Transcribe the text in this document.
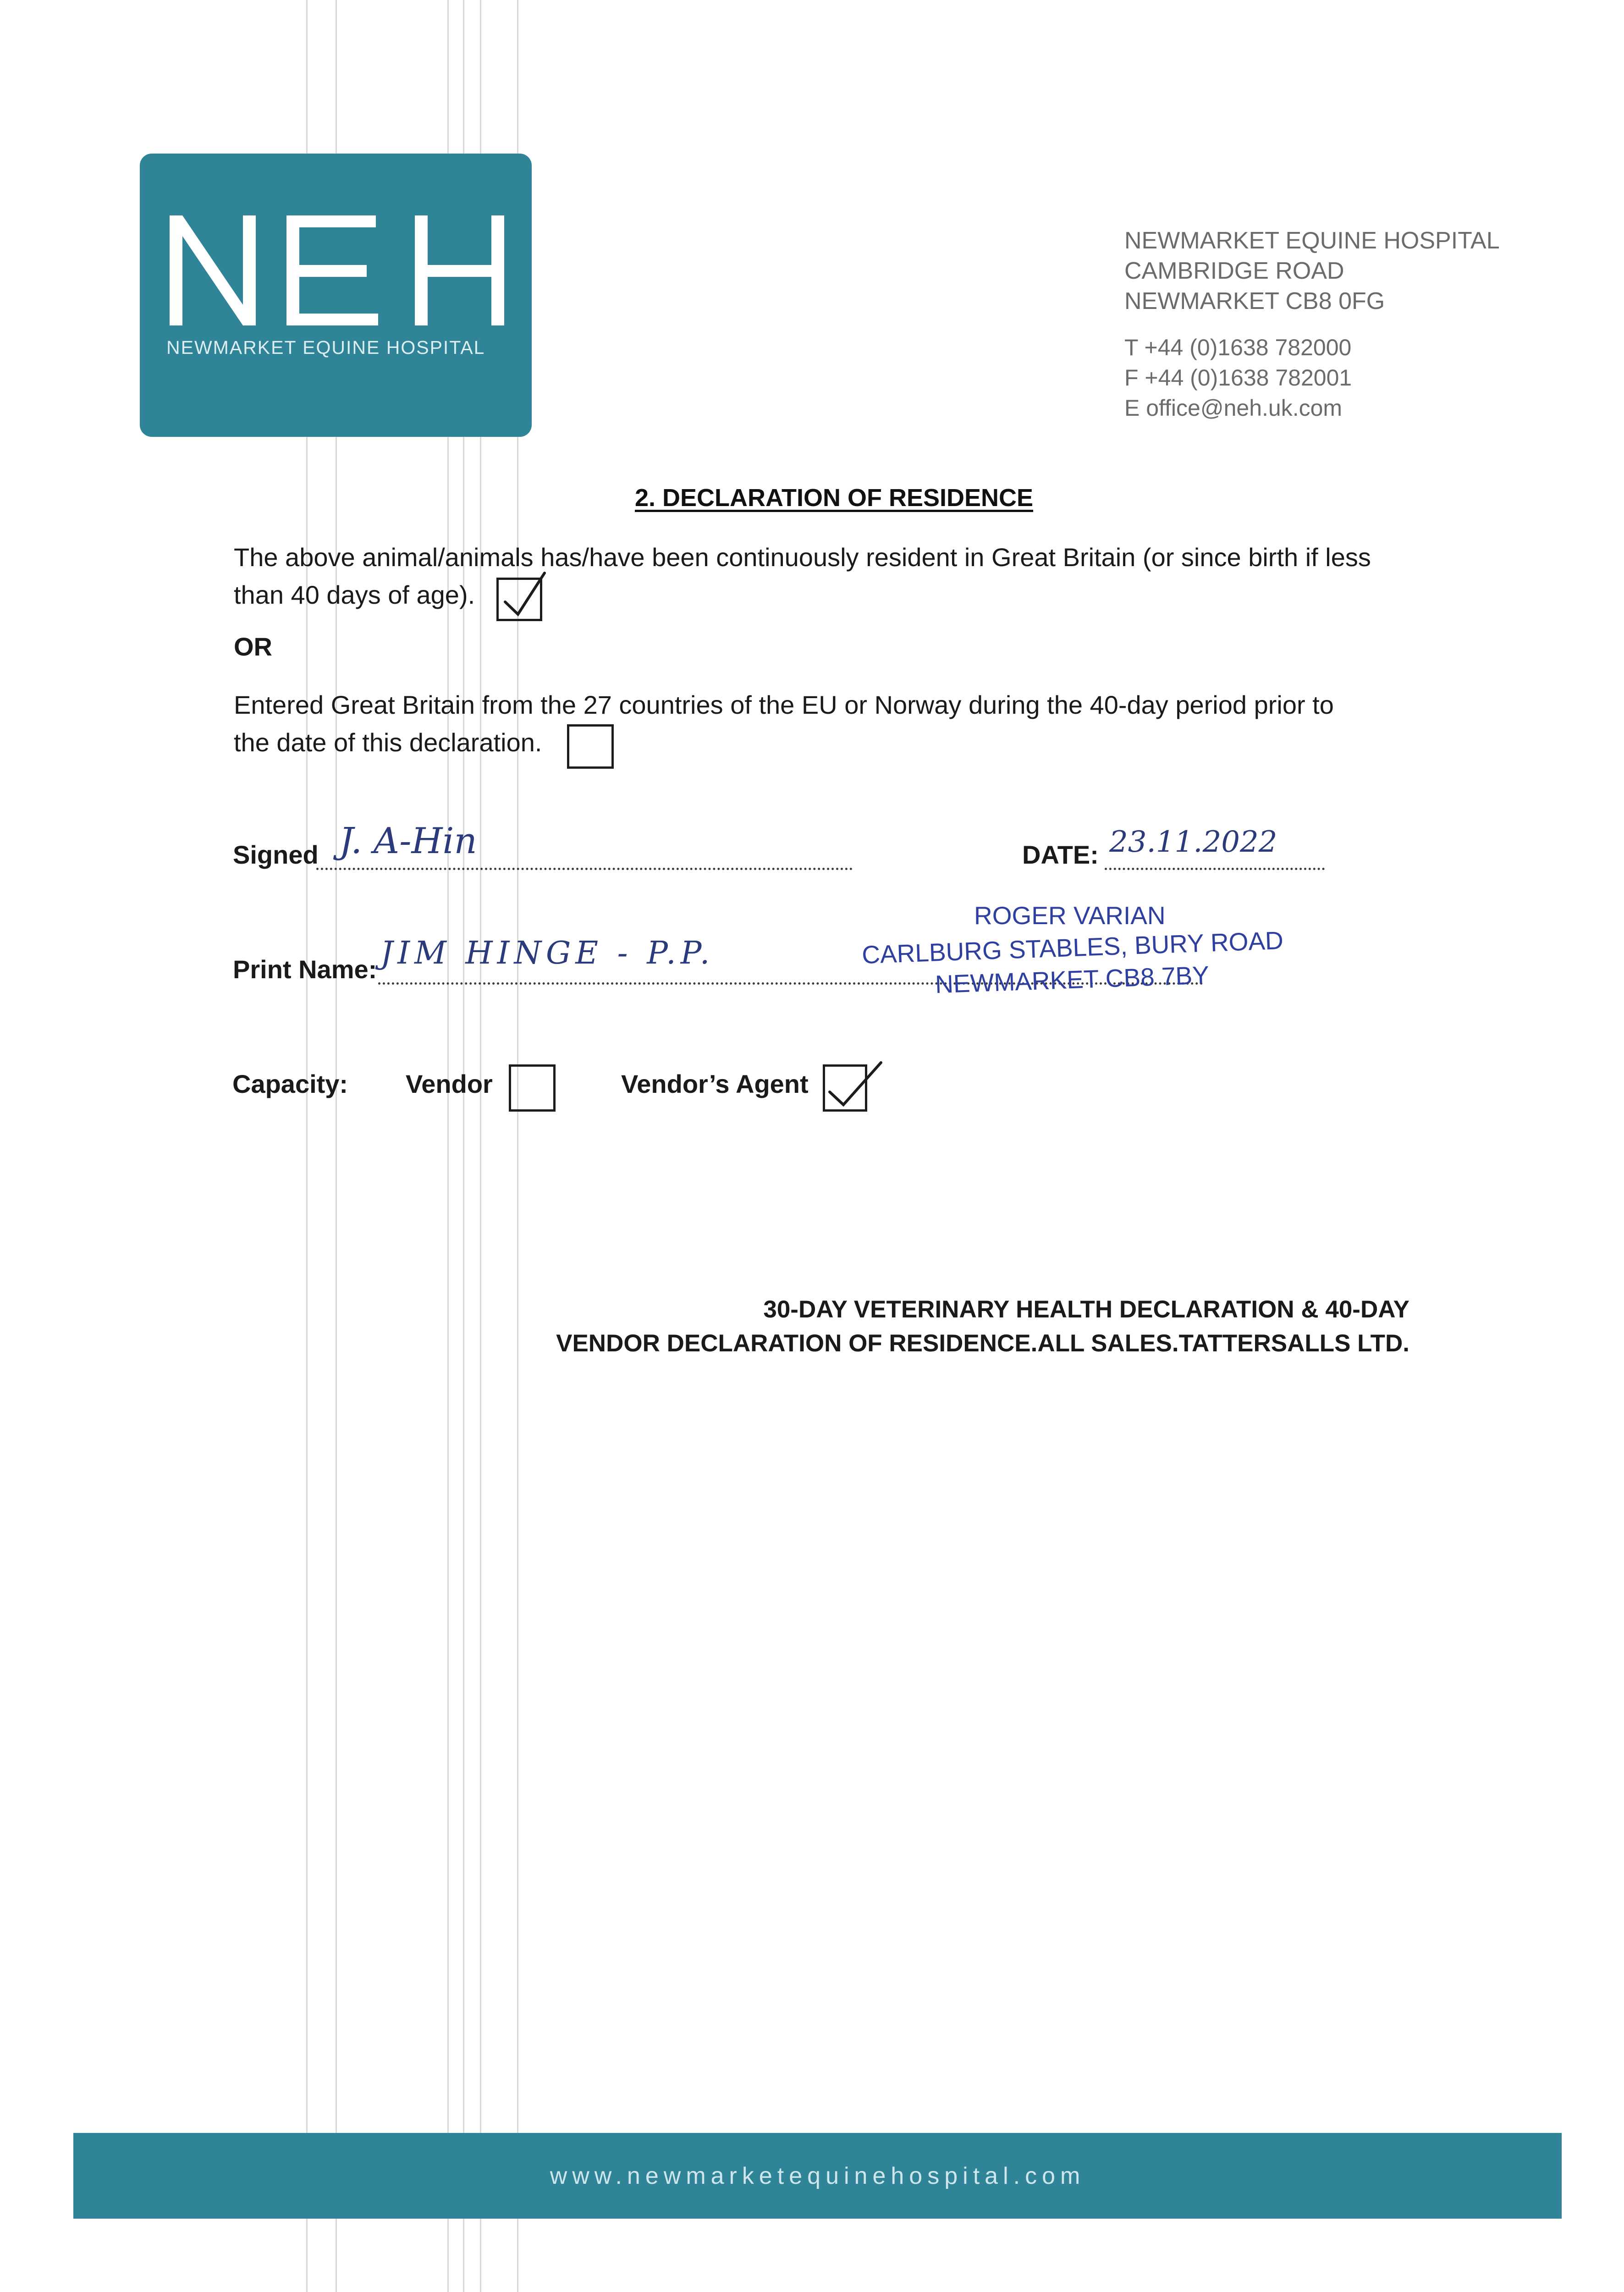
NEH
NEWMARKET EQUINE HOSPITAL
NEWMARKET EQUINE HOSPITAL
CAMBRIDGE ROAD
NEWMARKET CB8 0FG
T +44 (0)1638 782000
F +44 (0)1638 782001
E office@neh.uk.com
2. DECLARATION OF RESIDENCE
The above animal/animals has/have been continuously resident in Great Britain (or since birth if less
than 40 days of age).
OR
Entered Great Britain from the 27 countries of the EU or Norway during the 40-day period prior to
the date of this declaration.
Signed J. A-Hin	DATE: 23.11.2022
Print Name: JIM HINGE - P.P.
ROGER VARIAN
CARLBURG STABLES, BURY ROAD
NEWMARKET CB8 7BY
Capacity: Vendor	Vendor’s Agent
30-DAY VETERINARY HEALTH DECLARATION & 40-DAY
VENDOR DECLARATION OF RESIDENCE.ALL SALES.TATTERSALLS LTD.
www.newmarketequinehospital.com
